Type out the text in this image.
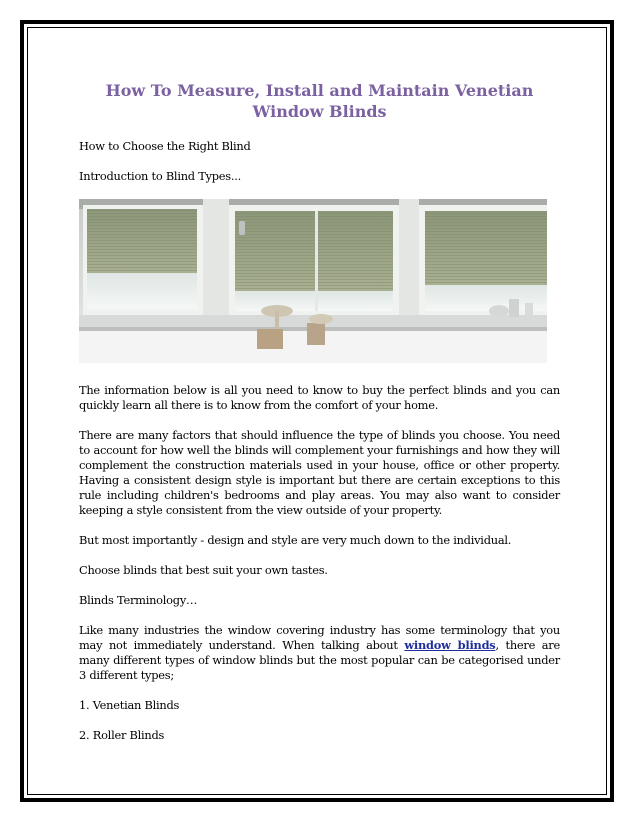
How To Measure, Install and Maintain Venetian Window Blinds

How to Choose the Right Blind

Introduction to Blind Types...

The information below is all you need to know to buy the perfect blinds and you can quickly learn all there is to know from the comfort of your home.

There are many factors that should influence the type of blinds you choose. You need to account for how well the blinds will complement your furnishings and how they will complement the construction materials used in your house, office or other property. Having a consistent design style is important but there are certain exceptions to this rule including children's bedrooms and play areas. You may also want to consider keeping a style consistent from the view outside of your property.

But most importantly - design and style are very much down to the individual.

Choose blinds that best suit your own tastes.

Blinds Terminology…

Like many industries the window covering industry has some terminology that you may not immediately understand. When talking about window blinds, there are many different types of window blinds but the most popular can be categorised under 3 different types;

1. Venetian Blinds

2. Roller Blinds
